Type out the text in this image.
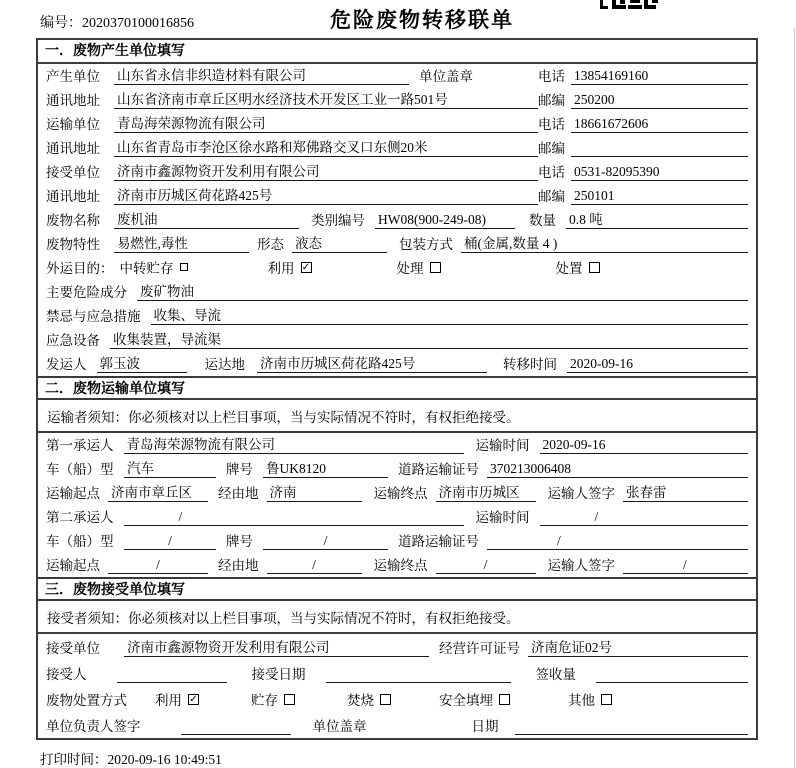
编号：2020370100016856	危险废物转移联单
一．废物产生单位填写
产生单位	山东省永信非织造材料有限公司	单位盖章	电话 13854169160
通讯地址	山东省济南市章丘区明水经济技术开发区工业一路501号	邮编 250200
运输单位	青岛海荣源物流有限公司	电话 18661672606
通讯地址	山东省青岛市李沧区徐水路和郑佛路交叉口东侧20米	邮编
接受单位	济南市鑫源物资开发利用有限公司	电话 0531-82095390
通讯地址	济南市历城区荷花路425号	邮编 250101
废物名称	废机油	类别编号 HW08(900-249-08)	数量 0.8 吨
废物特性	易燃性,毒性	形态 液态	包装方式 桶(金属,数量 4 )
外运目的： 中转贮存	利用 ✓	处理	处置
主要危险成分 废矿物油
禁忌与应急措施 收集、导流
应急设备 收集装置，导流渠
发运人 郭玉波	运达地 济南市历城区荷花路425号	转移时间 2020-09-16
二．废物运输单位填写
运输者须知：你必须核对以上栏目事项，当与实际情况不符时，有权拒绝接受。
第一承运人 青岛海荣源物流有限公司	运输时间 2020-09-16
车（船）型	汽车	牌号 鲁UK8120	道路运输证号 370213006408
运输起点 济南市章丘区	经由地 济南	运输终点 济南市历城区	运输人签字 张春雷
第二承运人	/	运输时间	/
车（船）型	/	牌号	/	道路运输证号	/
运输起点	/	经由地	/	运输终点	/	运输人签字	/
三．废物接受单位填写
接受者须知：你必须核对以上栏目事项，当与实际情况不符时，有权拒绝接受。
接受单位	济南市鑫源物资开发利用有限公司	经营许可证号 济南危证02号
接受人	接受日期	签收量
废物处置方式 利用 ✓	贮存	焚烧	安全填埋	其他
单位负责人签字	单位盖章	日期
打印时间：2020-09-16 10:49:51
